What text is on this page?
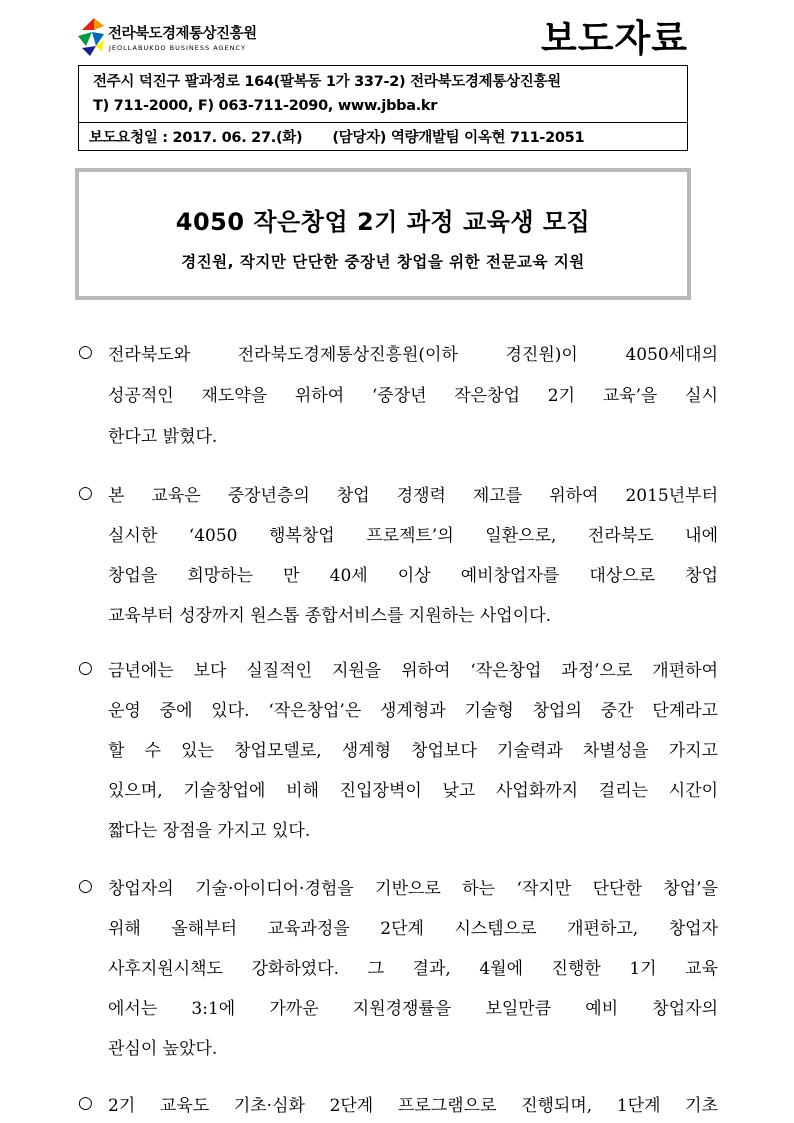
전라북도경제통상진흥원
JEOLLABUKDO BUSINESS AGENCY	보도자료
전주시 덕진구 팔과정로 164(팔복동 1가 337-2) 전라북도경제통상진흥원
T) 711-2000, F) 063-711-2090, www.jbba.kr
보도요청일 : 2017. 06. 27.(화) (담당자) 역량개발팀 이옥현 711-2051
4050 작은창업 2기 과정 교육생 모집
경진원, 작지만 단단한 중장년 창업을 위한 전문교육 지원
○ 전라북도와 전라북도경제통상진흥원(이하 경진원)이 4050세대의
성공적인 재도약을 위하여 ‘중장년 작은창업 2기 교육’을 실시
한다고 밝혔다.
○ 본 교육은 중장년층의 창업 경쟁력 제고를 위하여 2015년부터
실시한 ‘4050 행복창업 프로젝트’의 일환으로, 전라북도 내에
창업을 희망하는 만 40세 이상 예비창업자를 대상으로 창업
교육부터 성장까지 원스톱 종합서비스를 지원하는 사업이다.
○ 금년에는 보다 실질적인 지원을 위하여 ‘작은창업 과정’으로 개편하여
운영 중에 있다. ‘작은창업’은 생계형과 기술형 창업의 중간 단계라고
할 수 있는 창업모델로, 생계형 창업보다 기술력과 차별성을 가지고
있으며, 기술창업에 비해 진입장벽이 낮고 사업화까지 걸리는 시간이
짧다는 장점을 가지고 있다.
○ 창업자의 기술·아이디어·경험을 기반으로 하는 ‘작지만 단단한 창업’을
위해 올해부터 교육과정을 2단계 시스템으로 개편하고, 창업자
사후지원시책도 강화하였다. 그 결과, 4월에 진행한 1기 교육
에서는 3:1에 가까운 지원경쟁률을 보일만큼 예비 창업자의
관심이 높았다.
○ 2기 교육도 기초·심화 2단계 프로그램으로 진행되며, 1단계 기초
